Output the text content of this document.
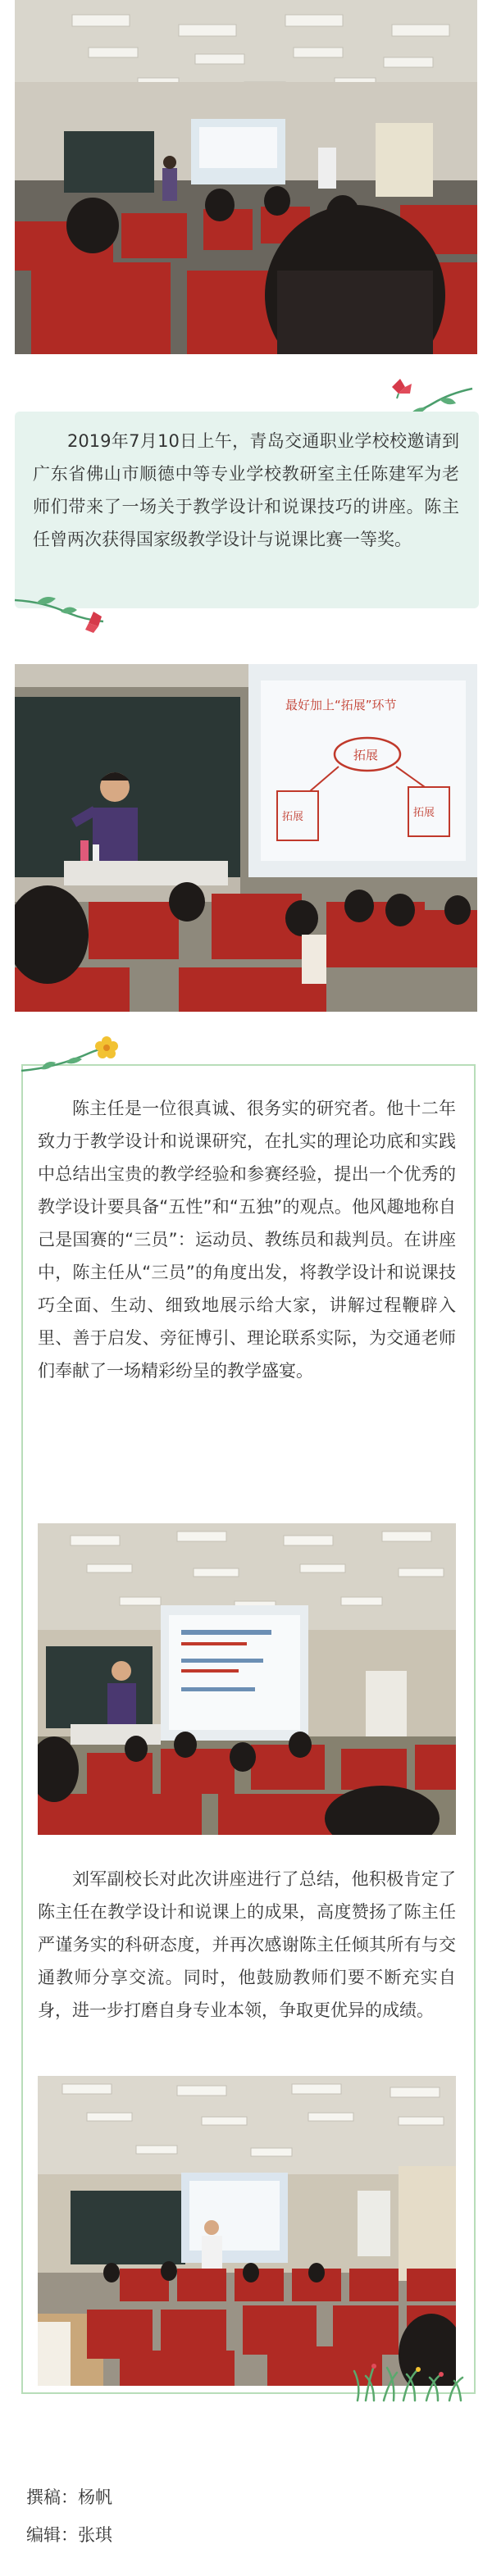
2019年7月10日上午，青岛交通职业学校校邀请到广东省佛山市顺德中等专业学校教研室主任陈建军为老师们带来了一场关于教学设计和说课技巧的讲座。陈主任曾两次获得国家级教学设计与说课比赛一等奖。
最好加上“拓展”环节
拓展
拓展	拓展
陈主任是一位很真诚、很务实的研究者。他十二年致力于教学设计和说课研究，在扎实的理论功底和实践中总结出宝贵的教学经验和参赛经验，提出一个优秀的教学设计要具备“五性”和“五独”的观点。他风趣地称自己是国赛的“三员”：运动员、教练员和裁判员。在讲座中，陈主任从“三员”的角度出发，将教学设计和说课技巧全面、生动、细致地展示给大家，讲解过程鞭辟入里、善于启发、旁征博引、理论联系实际，为交通老师们奉献了一场精彩纷呈的教学盛宴。
刘军副校长对此次讲座进行了总结，他积极肯定了陈主任在教学设计和说课上的成果，高度赞扬了陈主任严谨务实的科研态度，并再次感谢陈主任倾其所有与交通教师分享交流。同时，他鼓励教师们要不断充实自身，进一步打磨自身专业本领，争取更优异的成绩。
撰稿：杨帆
编辑：张琪
